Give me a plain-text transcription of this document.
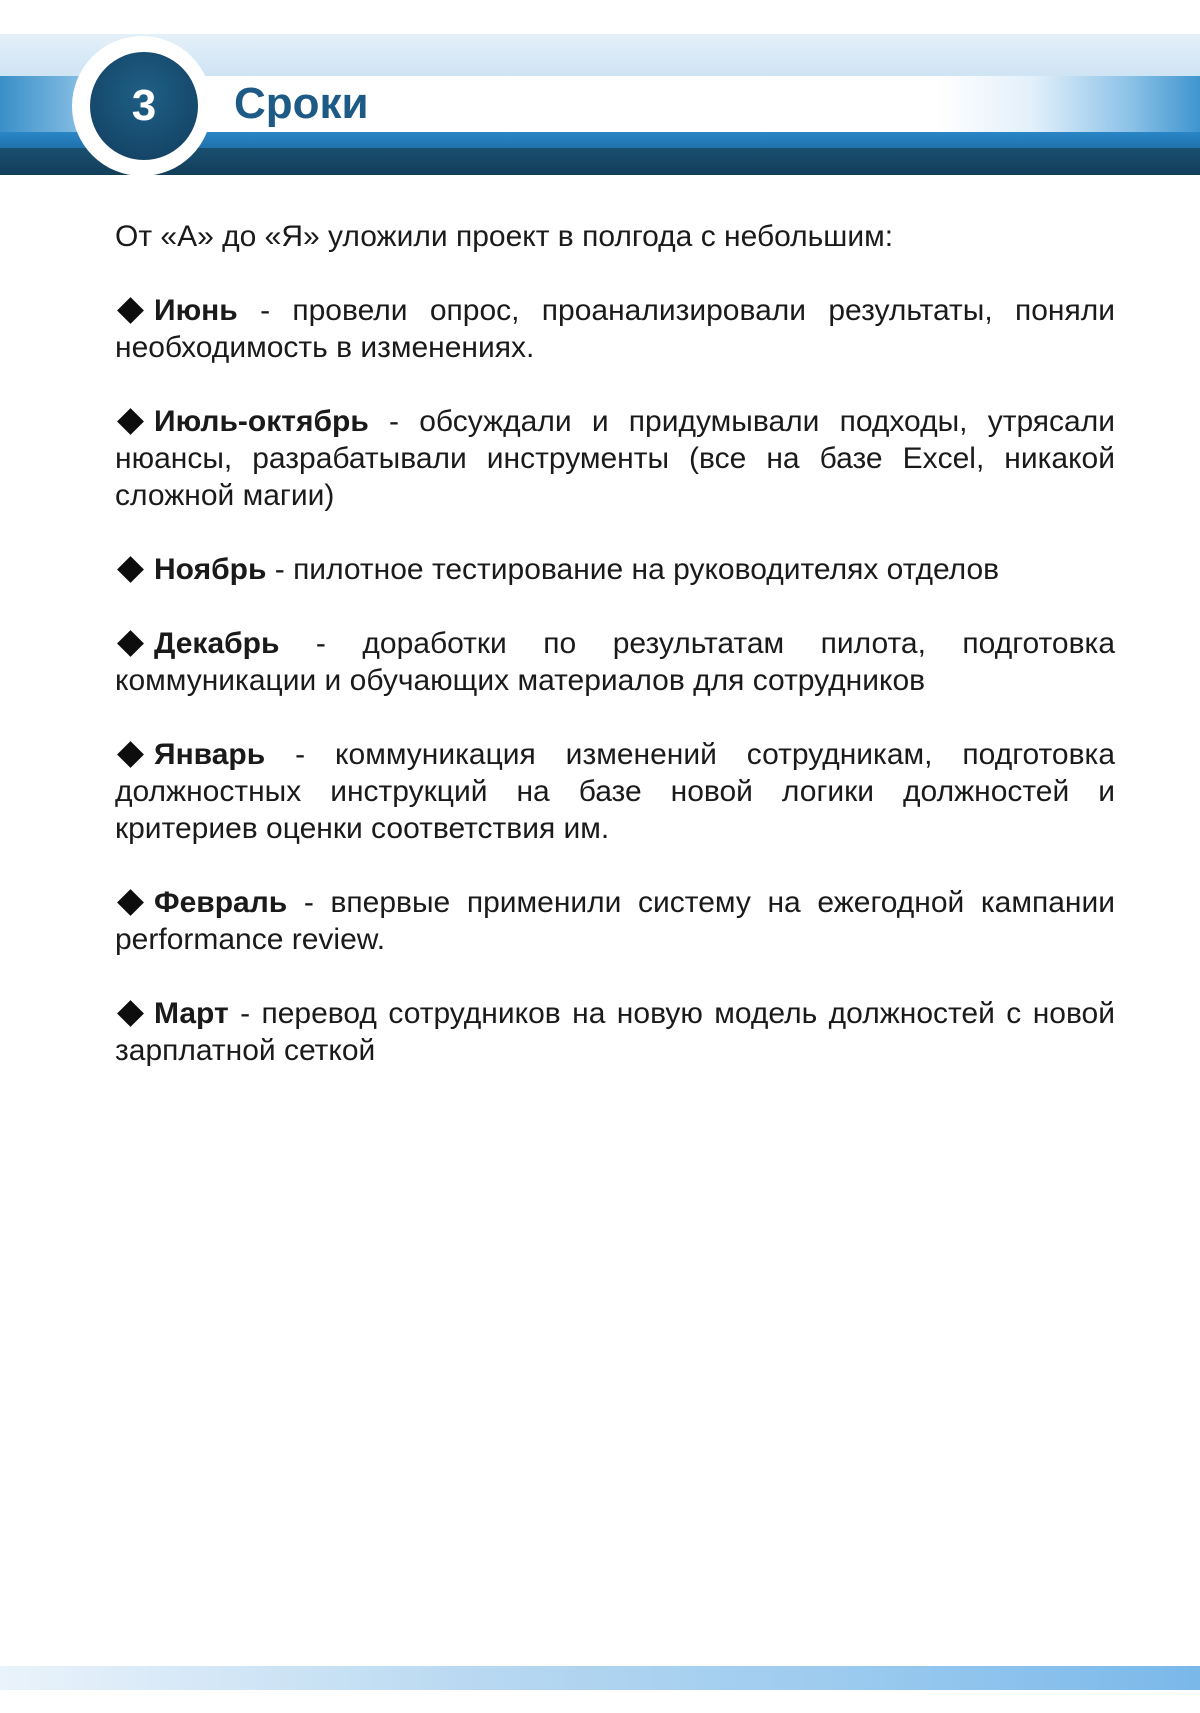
3	Сроки

От «А» до «Я» уложили проект в полгода с небольшим:

Июнь - провели опрос, проанализировали результаты, поняли необходимость в изменениях.

Июль-октябрь - обсуждали и придумывали подходы, утрясали нюансы, разрабатывали инструменты (все на базе Excel, никакой сложной магии)

Ноябрь - пилотное тестирование на руководителях отделов

Декабрь - доработки по результатам пилота, подготовка коммуникации и обучающих материалов для сотрудников

Январь - коммуникация изменений сотрудникам, подготовка должностных инструкций на базе новой логики должностей и критериев оценки соответствия им.

Февраль - впервые применили систему на ежегодной кампании performance review.

Март - перевод сотрудников на новую модель должностей с новой зарплатной сеткой
